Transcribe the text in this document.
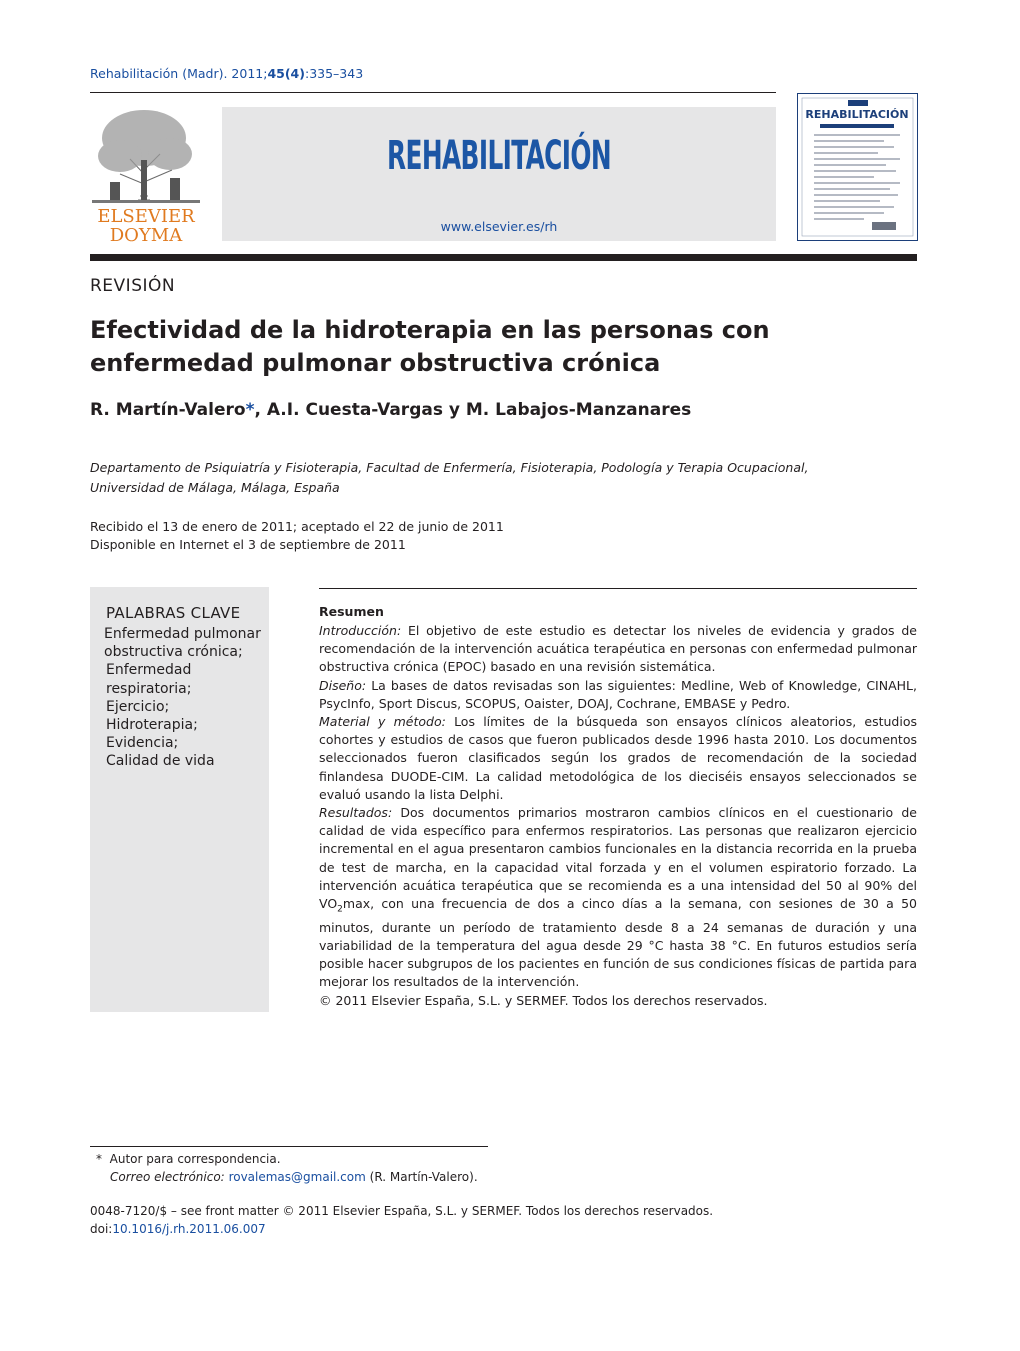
Rehabilitación (Madr). 2011;45(4):335–343
ELSEVIER
DOYMA
REHABILITACIÓN
www.elsevier.es/rh
REHABILITACIÓN
REVISIÓN
Efectividad de la hidroterapia en las personas con enfermedad pulmonar obstructiva crónica
R. Martín-Valero*, A.I. Cuesta-Vargas y M. Labajos-Manzanares
Departamento de Psiquiatría y Fisioterapia, Facultad de Enfermería, Fisioterapia, Podología y Terapia Ocupacional, Universidad de Málaga, Málaga, España
Recibido el 13 de enero de 2011; aceptado el 22 de junio de 2011
Disponible en Internet el 3 de septiembre de 2011
PALABRAS CLAVE
Enfermedad pulmonar obstructiva crónica;
Enfermedad respiratoria;
Ejercicio;
Hidroterapia;
Evidencia;
Calidad de vida
Resumen

Introducción: El objetivo de este estudio es detectar los niveles de evidencia y grados de recomendación de la intervención acuática terapéutica en personas con enfermedad pulmonar obstructiva crónica (EPOC) basado en una revisión sistemática.

Diseño: La bases de datos revisadas son las siguientes: Medline, Web of Knowledge, CINAHL, PsycInfo, Sport Discus, SCOPUS, Oaister, DOAJ, Cochrane, EMBASE y Pedro.

Material y método: Los límites de la búsqueda son ensayos clínicos aleatorios, estudios cohortes y estudios de casos que fueron publicados desde 1996 hasta 2010. Los documentos seleccionados fueron clasificados según los grados de recomendación de la sociedad finlandesa DUODE-CIM. La calidad metodológica de los dieciséis ensayos seleccionados se evaluó usando la lista Delphi.

Resultados: Dos documentos primarios mostraron cambios clínicos en el cuestionario de calidad de vida específico para enfermos respiratorios. Las personas que realizaron ejercicio incremental en el agua presentaron cambios funcionales en la distancia recorrida en la prueba de test de marcha, en la capacidad vital forzada y en el volumen espiratorio forzado. La intervención acuática terapéutica que se recomienda es a una intensidad del 50 al 90% del $VO_2\max$, con una frecuencia de dos a cinco días a la semana, con sesiones de 30 a 50 minutos, durante un período de tratamiento desde 8 a 24 semanas de duración y una variabilidad de la temperatura del agua desde 29 °C hasta 38 °C. En futuros estudios sería posible hacer subgrupos de los pacientes en función de sus condiciones físicas de partida para mejorar los resultados de la intervención.

© 2011 Elsevier España, S.L. y SERMEF. Todos los derechos reservados.

* Autor para correspondencia.
Correo electrónico: rovalemas@gmail.com (R. Martín-Valero).
0048-7120/$ – see front matter © 2011 Elsevier España, S.L. y SERMEF. Todos los derechos reservados.
doi:10.1016/j.rh.2011.06.007
